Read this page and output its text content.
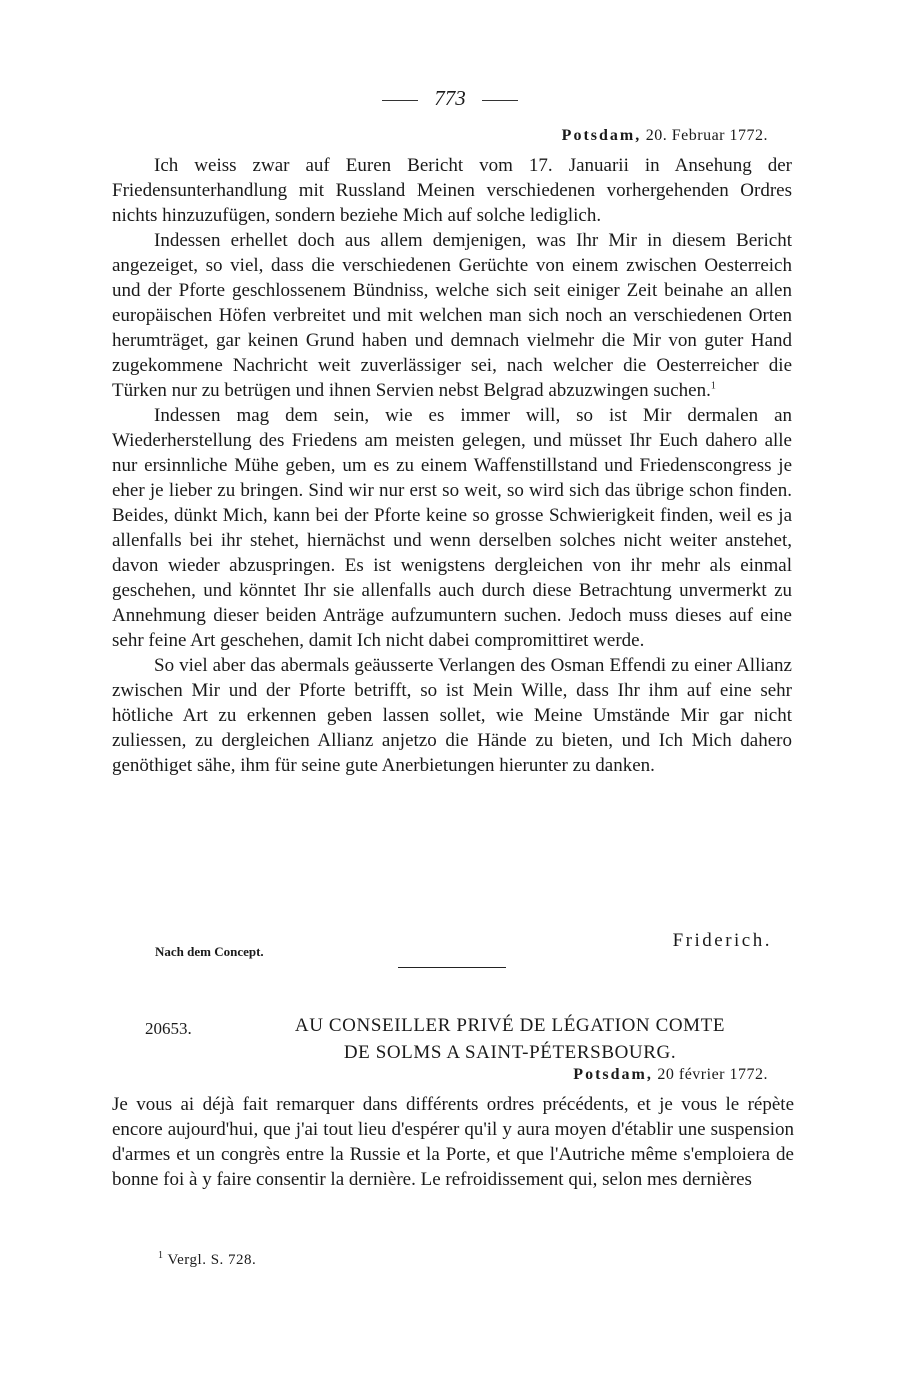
773
Potsdam, 20. Februar 1772.

Ich weiss zwar auf Euren Bericht vom 17. Januarii in Ansehung der Friedensunterhandlung mit Russland Meinen verschiedenen vorhergehenden Ordres nichts hinzuzufügen, sondern beziehe Mich auf solche lediglich.

Indessen erhellet doch aus allem demjenigen, was Ihr Mir in diesem Bericht angezeiget, so viel, dass die verschiedenen Gerüchte von einem zwischen Oesterreich und der Pforte geschlossenem Bündniss, welche sich seit einiger Zeit beinahe an allen europäischen Höfen verbreitet und mit welchen man sich noch an verschiedenen Orten herumträget, gar keinen Grund haben und demnach vielmehr die Mir von guter Hand zugekommene Nachricht weit zuverlässiger sei, nach welcher die Oesterreicher die Türken nur zu betrügen und ihnen Servien nebst Belgrad abzuzwingen suchen.$^1$

Indessen mag dem sein, wie es immer will, so ist Mir dermalen an Wiederherstellung des Friedens am meisten gelegen, und müsset Ihr Euch dahero alle nur ersinnliche Mühe geben, um es zu einem Waffenstillstand und Friedenscongress je eher je lieber zu bringen. Sind wir nur erst so weit, so wird sich das übrige schon finden. Beides, dünkt Mich, kann bei der Pforte keine so grosse Schwierigkeit finden, weil es ja allenfalls bei ihr stehet, hiernächst und wenn derselben solches nicht weiter anstehet, davon wieder abzuspringen. Es ist wenigstens dergleichen von ihr mehr als einmal geschehen, und könntet Ihr sie allenfalls auch durch diese Betrachtung unvermerkt zu Annehmung dieser beiden Anträge aufzumuntern suchen. Jedoch muss dieses auf eine sehr feine Art geschehen, damit Ich nicht dabei compromittiret werde.

So viel aber das abermals geäusserte Verlangen des Osman Effendi zu einer Allianz zwischen Mir und der Pforte betrifft, so ist Mein Wille, dass Ihr ihm auf eine sehr hötliche Art zu erkennen geben lassen sollet, wie Meine Umstände Mir gar nicht zuliessen, zu dergleichen Allianz anjetzo die Hände zu bieten, und Ich Mich dahero genöthiget sähe, ihm für seine gute Anerbietungen hierunter zu danken.

Nach dem Concept.
Friderich.
20653.	AU CONSEILLER PRIVÉ DE LÉGATION COMTE
DE SOLMS A SAINT-PÉTERSBOURG.
Potsdam, 20 février 1772.

Je vous ai déjà fait remarquer dans différents ordres précédents, et je vous le répète encore aujourd'hui, que j'ai tout lieu d'espérer qu'il y aura moyen d'établir une suspension d'armes et un congrès entre la Russie et la Porte, et que l'Autriche même s'emploiera de bonne foi à y faire consentir la dernière. Le refroidissement qui, selon mes dernières

$^1$ Vergl. S. 728.
